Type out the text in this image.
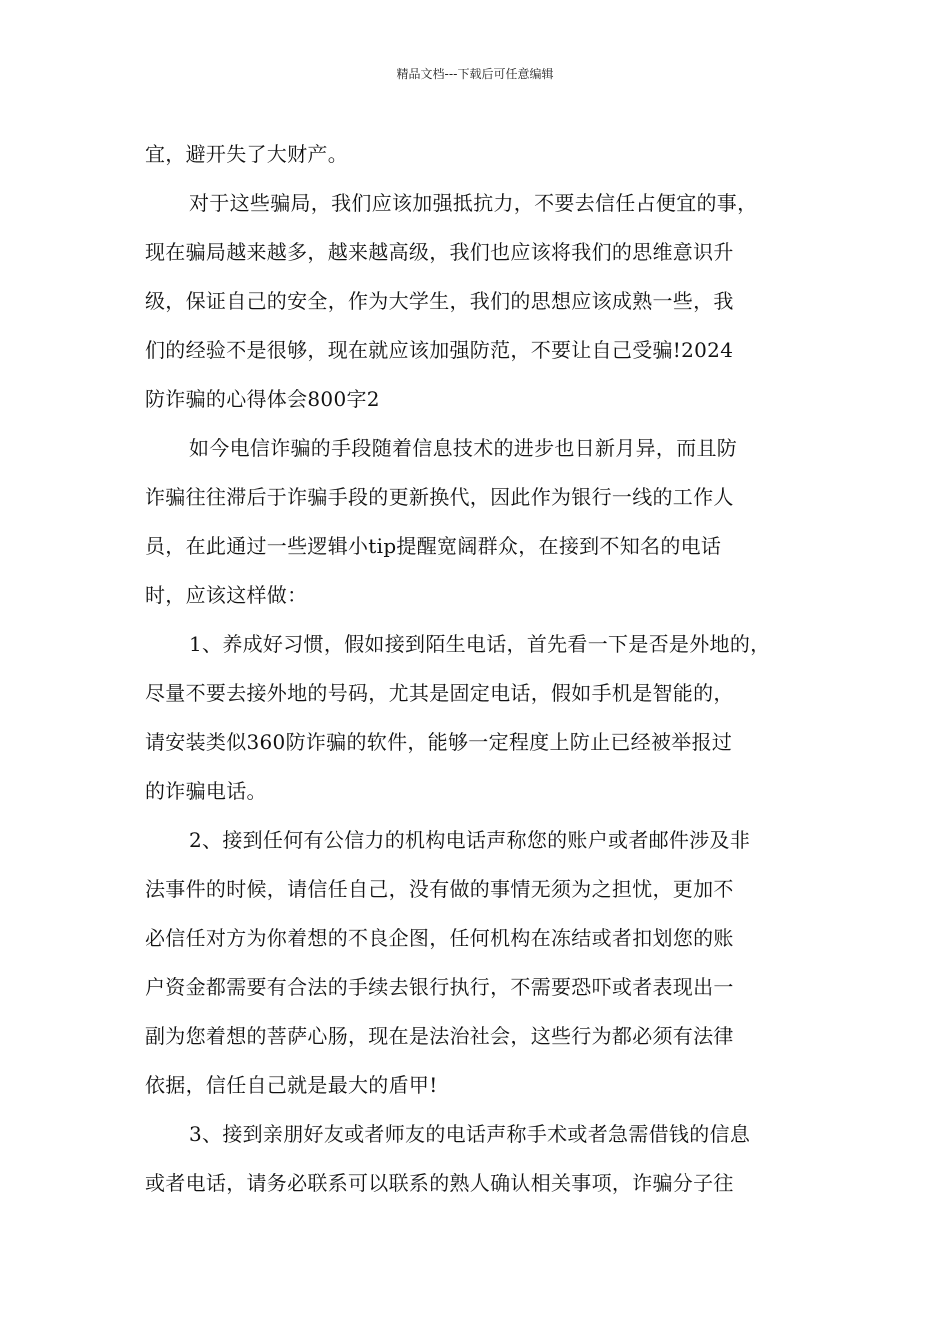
精品文档---下载后可任意编辑
宜，避开失了大财产。
对于这些骗局，我们应该加强抵抗力，不要去信任占便宜的事，
现在骗局越来越多，越来越高级，我们也应该将我们的思维意识升
级，保证自己的安全，作为大学生，我们的思想应该成熟一些，我
们的经验不是很够，现在就应该加强防范，不要让自己受骗!2024
防诈骗的心得体会800字2
如今电信诈骗的手段随着信息技术的进步也日新月异，而且防
诈骗往往滞后于诈骗手段的更新换代，因此作为银行一线的工作人
员，在此通过一些逻辑小tip提醒宽阔群众，在接到不知名的电话
时，应该这样做：
1、养成好习惯，假如接到陌生电话，首先看一下是否是外地的，
尽量不要去接外地的号码，尤其是固定电话，假如手机是智能的，
请安装类似360防诈骗的软件，能够一定程度上防止已经被举报过
的诈骗电话。
2、接到任何有公信力的机构电话声称您的账户或者邮件涉及非
法事件的时候，请信任自己，没有做的事情无须为之担忧，更加不
必信任对方为你着想的不良企图，任何机构在冻结或者扣划您的账
户资金都需要有合法的手续去银行执行，不需要恐吓或者表现出一
副为您着想的菩萨心肠，现在是法治社会，这些行为都必须有法律
依据，信任自己就是最大的盾甲!
3、接到亲朋好友或者师友的电话声称手术或者急需借钱的信息
或者电话，请务必联系可以联系的熟人确认相关事项，诈骗分子往
